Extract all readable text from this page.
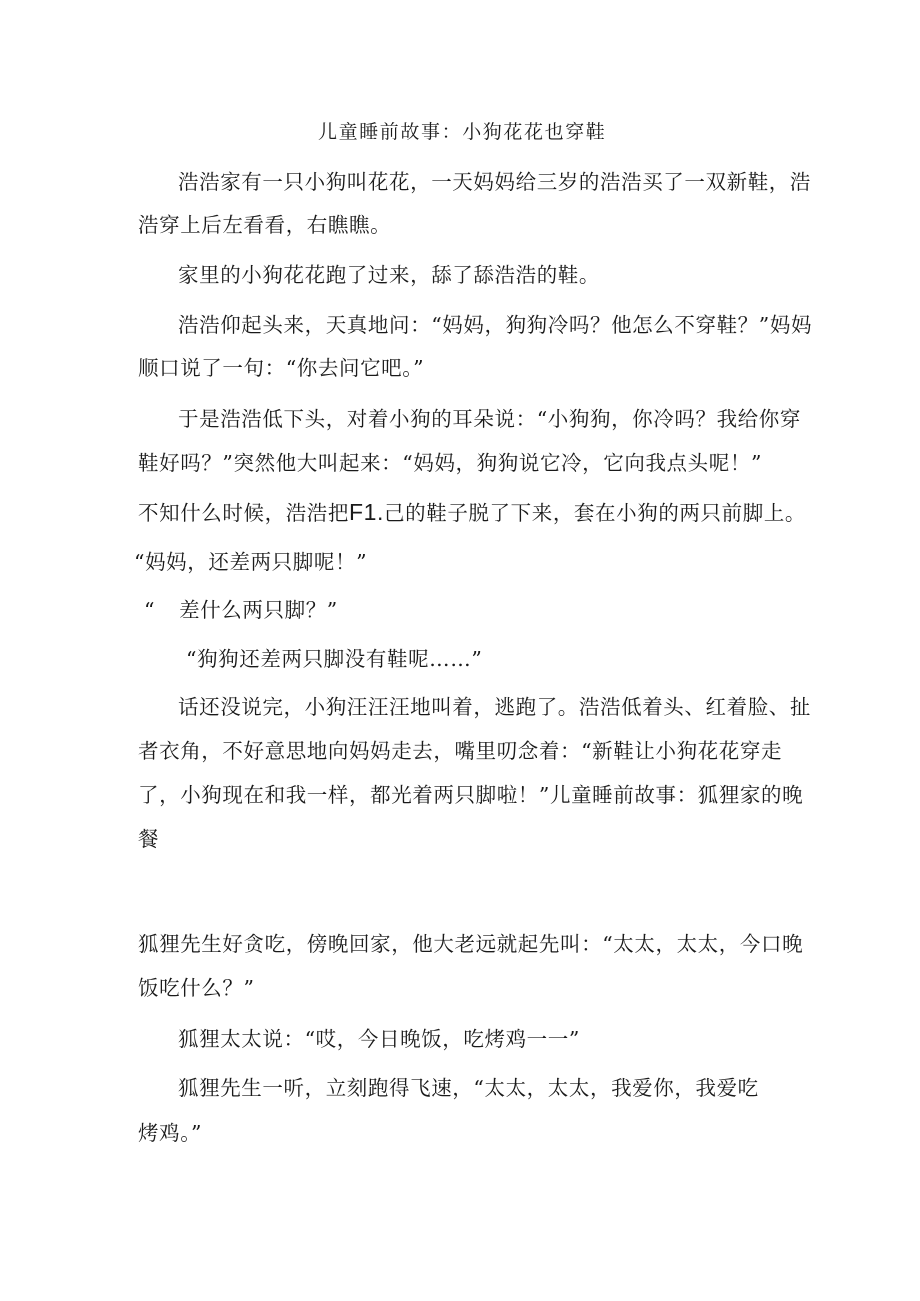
儿童睡前故事：小狗花花也穿鞋

浩浩家有一只小狗叫花花，一天妈妈给三岁的浩浩买了一双新鞋，浩

浩穿上后左看看，右瞧瞧。

家里的小狗花花跑了过来，舔了舔浩浩的鞋。

浩浩仰起头来，天真地问：“妈妈，狗狗冷吗？他怎么不穿鞋？”妈妈

顺口说了一句：“你去问它吧。”

于是浩浩低下头，对着小狗的耳朵说：“小狗狗，你冷吗？我给你穿

鞋好吗？”突然他大叫起来：“妈妈，狗狗说它冷，它向我点头呢！”

不知什么时候，浩浩把F1.己的鞋子脱了下来，套在小狗的两只前脚上。

“妈妈，还差两只脚呢！”

“ 差什么两只脚？”

“狗狗还差两只脚没有鞋呢……”

话还没说完，小狗汪汪汪地叫着，逃跑了。浩浩低着头、红着脸、扯

者衣角，不好意思地向妈妈走去，嘴里叨念着：“新鞋让小狗花花穿走

了，小狗现在和我一样，都光着两只脚啦！”儿童睡前故事：狐狸家的晚

餐

狐狸先生好贪吃，傍晚回家，他大老远就起先叫：“太太，太太，今口晚

饭吃什么？”

狐狸太太说：“哎，今日晚饭，吃烤鸡一一”

狐狸先生一听，立刻跑得飞速，“太太，太太，我爱你，我爱吃

烤鸡。”
